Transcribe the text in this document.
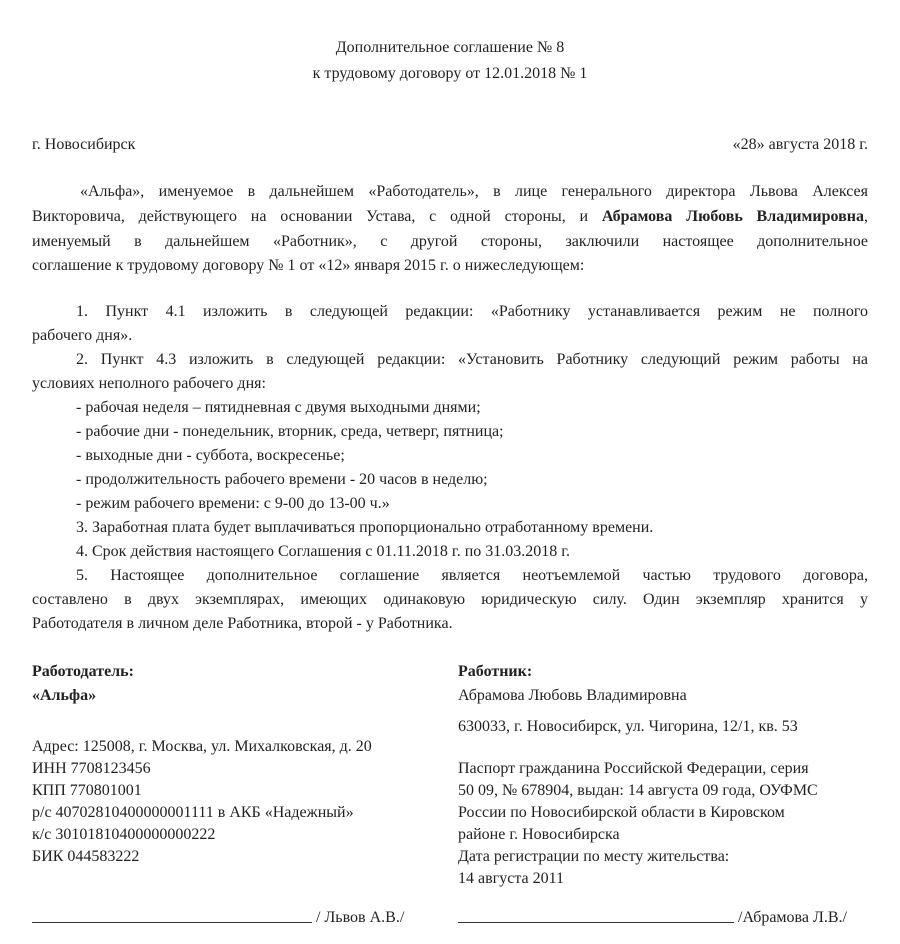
Дополнительное соглашение № 8
к трудовому договору от 12.01.2018 № 1
г. Новосибирск	«28» августа 2018 г.
«Альфа», именуемое в дальнейшем «Работодатель», в лице генерального директора Львова Алексея
Викторовича, действующего на основании Устава, с одной стороны, и Абрамова Любовь Владимировна,
именуемый в дальнейшем «Работник», с другой стороны, заключили настоящее дополнительное
соглашение к трудовому договору № 1 от «12» января 2015 г. о нижеследующем:
1. Пункт 4.1 изложить в следующей редакции: «Работнику устанавливается режим не полного
рабочего дня».
2. Пункт 4.3 изложить в следующей редакции: «Установить Работнику следующий режим работы на
условиях неполного рабочего дня:
- рабочая неделя – пятидневная с двумя выходными днями;
- рабочие дни - понедельник, вторник, среда, четверг, пятница;
- выходные дни - суббота, воскресенье;
- продолжительность рабочего времени - 20 часов в неделю;
- режим рабочего времени: с 9-00 до 13-00 ч.»
3. Заработная плата будет выплачиваться пропорционально отработанному времени.
4. Срок действия настоящего Соглашения с 01.11.2018 г. по 31.03.2018 г.
5. Настоящее дополнительное соглашение является неотъемлемой частью трудового договора,
составлено в двух экземплярах, имеющих одинаковую юридическую силу. Один экземпляр хранится у
Работодателя в личном деле Работника, второй - у Работника.
Работодатель:
«Альфа»
Адрес: 125008, г. Москва, ул. Михалковская, д. 20
ИНН 7708123456
КПП 770801001
р/с 40702810400000001111 в АКБ «Надежный»
к/с 30101810400000000222
БИК 044583222
Работник:
Абрамова Любовь Владимировна
630033, г. Новосибирск, ул. Чигорина, 12/1, кв. 53
Паспорт гражданина Российской Федерации, серия
50 09, № 678904, выдан: 14 августа 09 года, ОУФМС
России по Новосибирской области в Кировском
районе г. Новосибирска
Дата регистрации по месту жительства:
14 августа 2011
/ Львов А.В./	/Абрамова Л.В./
